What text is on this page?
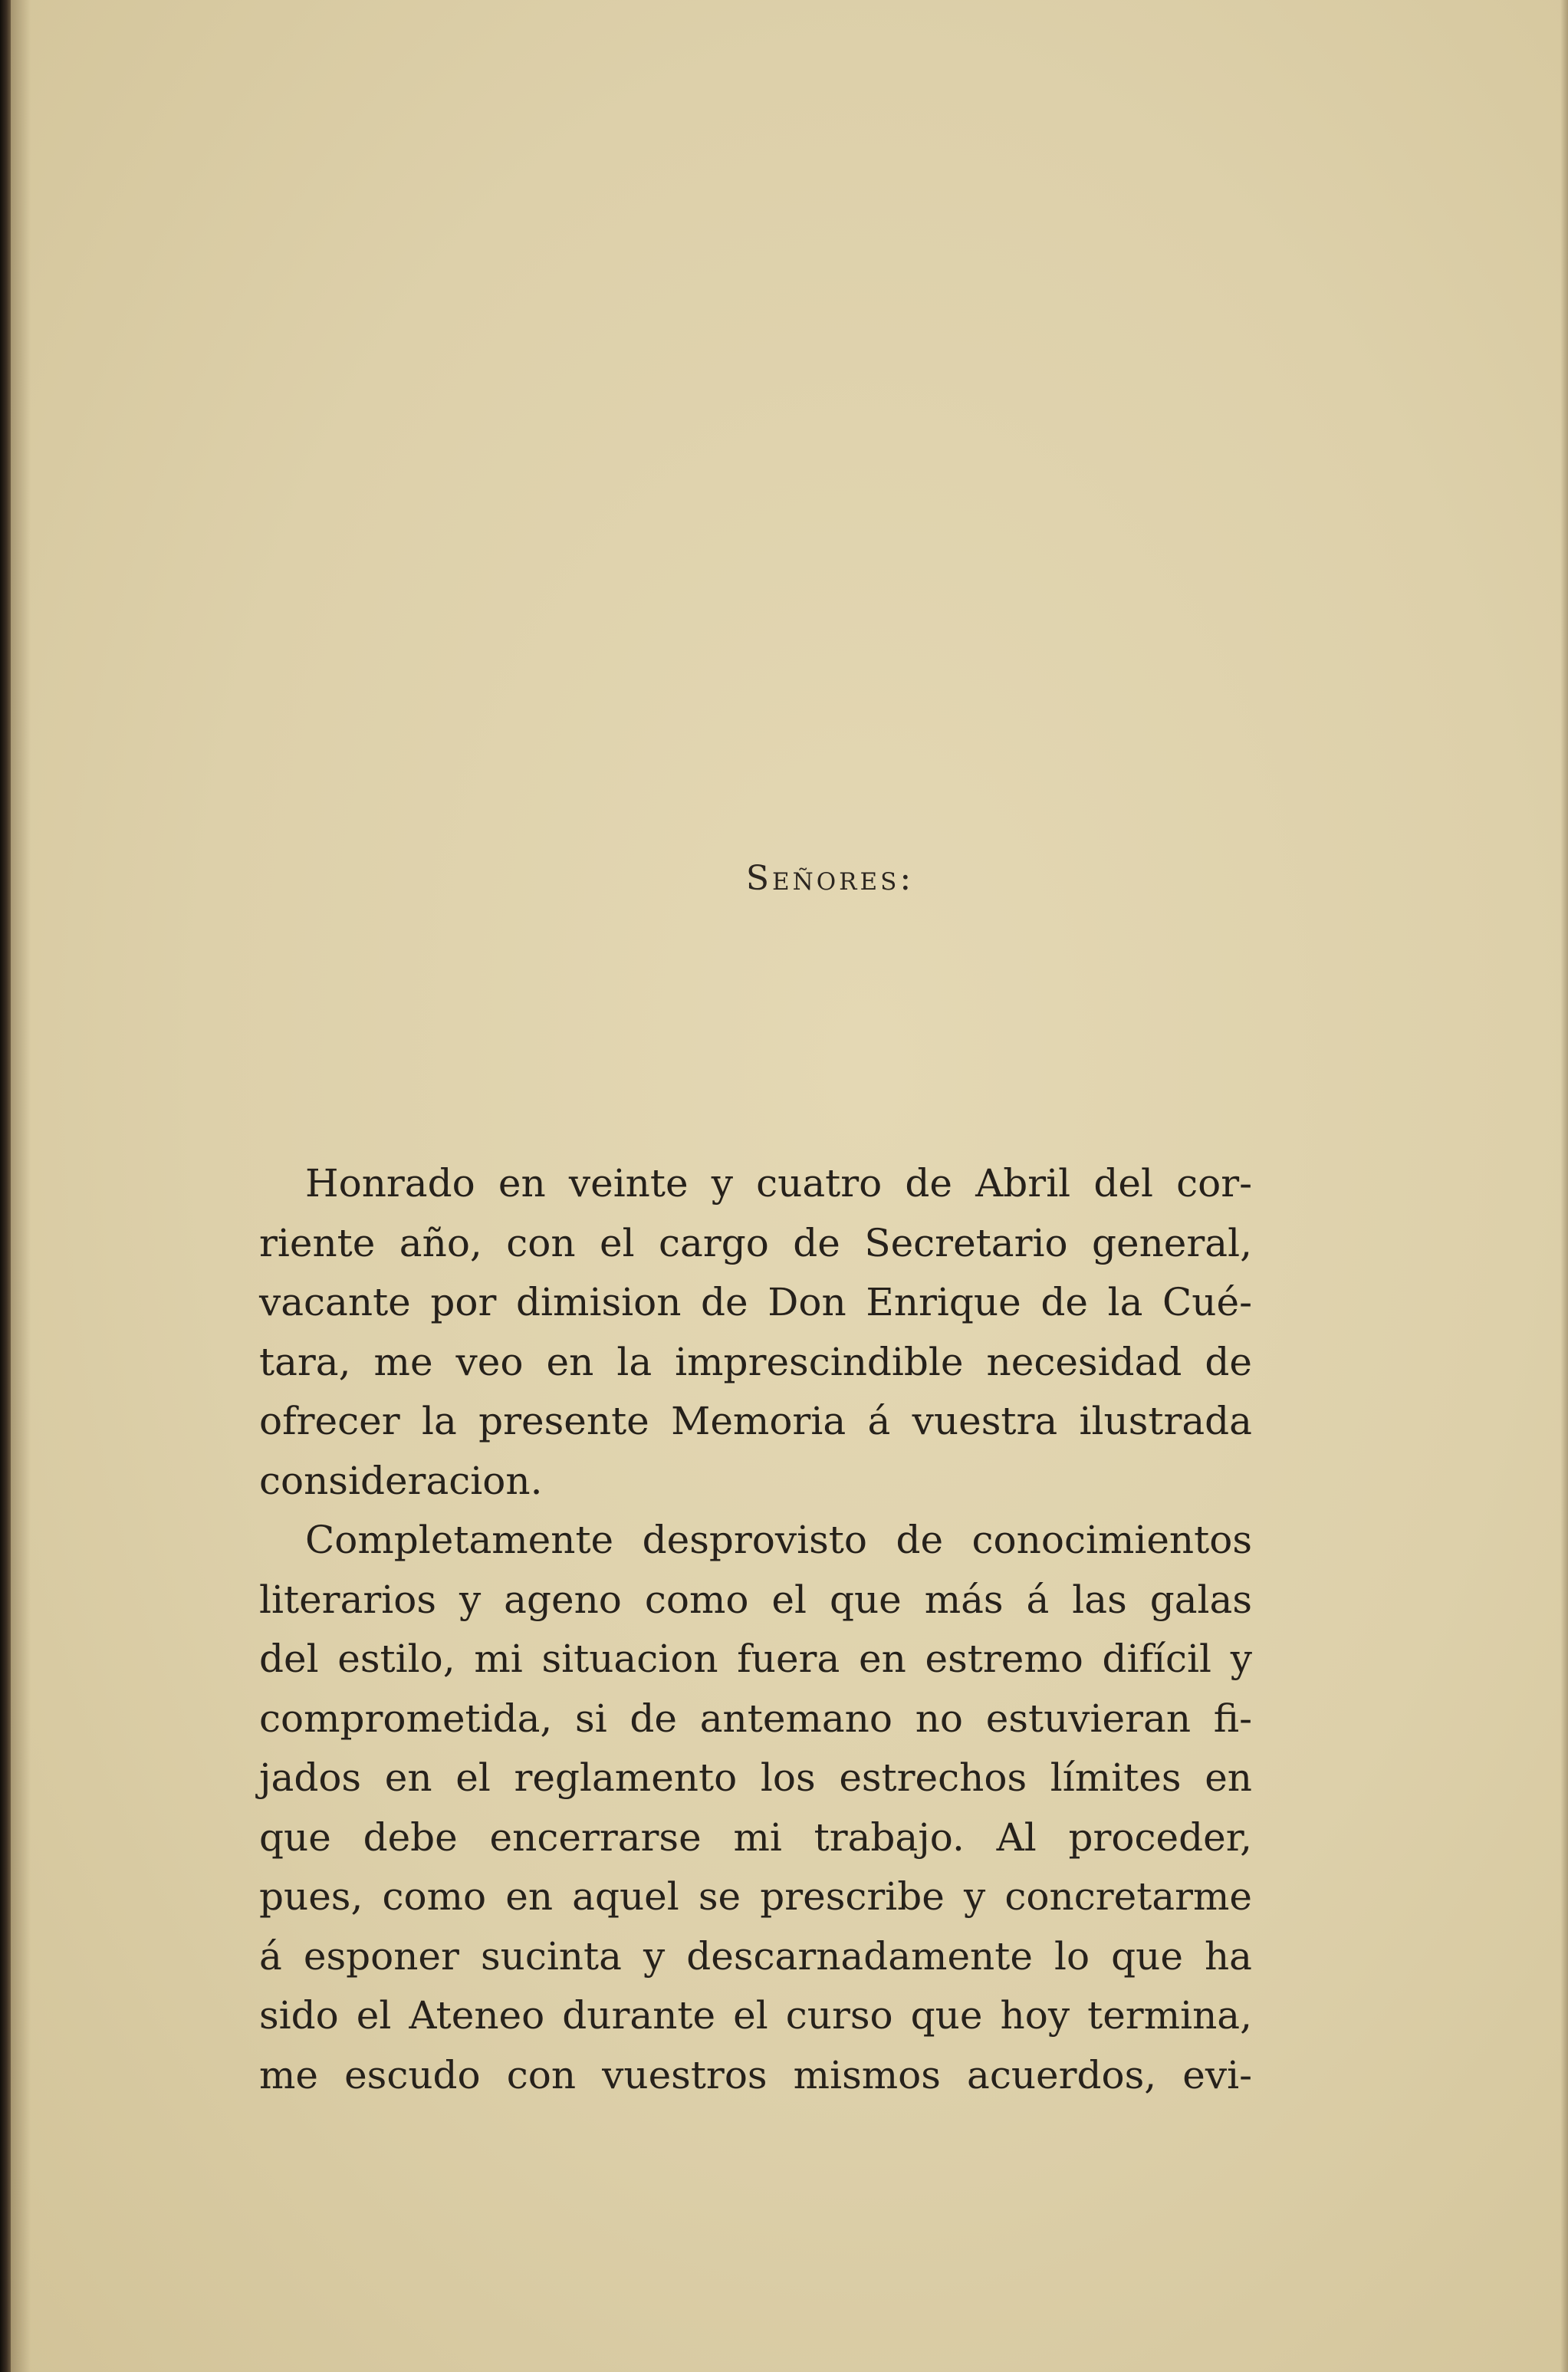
Señores:

Honrado en veinte y cuatro de Abril del cor-
riente año, con el cargo de Secretario general,
vacante por dimision de Don Enrique de la Cué-
tara, me veo en la imprescindible necesidad de
ofrecer la presente Memoria á vuestra ilustrada
consideracion.

Completamente desprovisto de conocimientos
literarios y ageno como el que más á las galas
del estilo, mi situacion fuera en estremo difícil y
comprometida, si de antemano no estuvieran fi-
jados en el reglamento los estrechos límites en
que debe encerrarse mi trabajo. Al proceder,
pues, como en aquel se prescribe y concretarme
á esponer sucinta y descarnadamente lo que ha
sido el Ateneo durante el curso que hoy termina,
me escudo con vuestros mismos acuerdos, evi-
